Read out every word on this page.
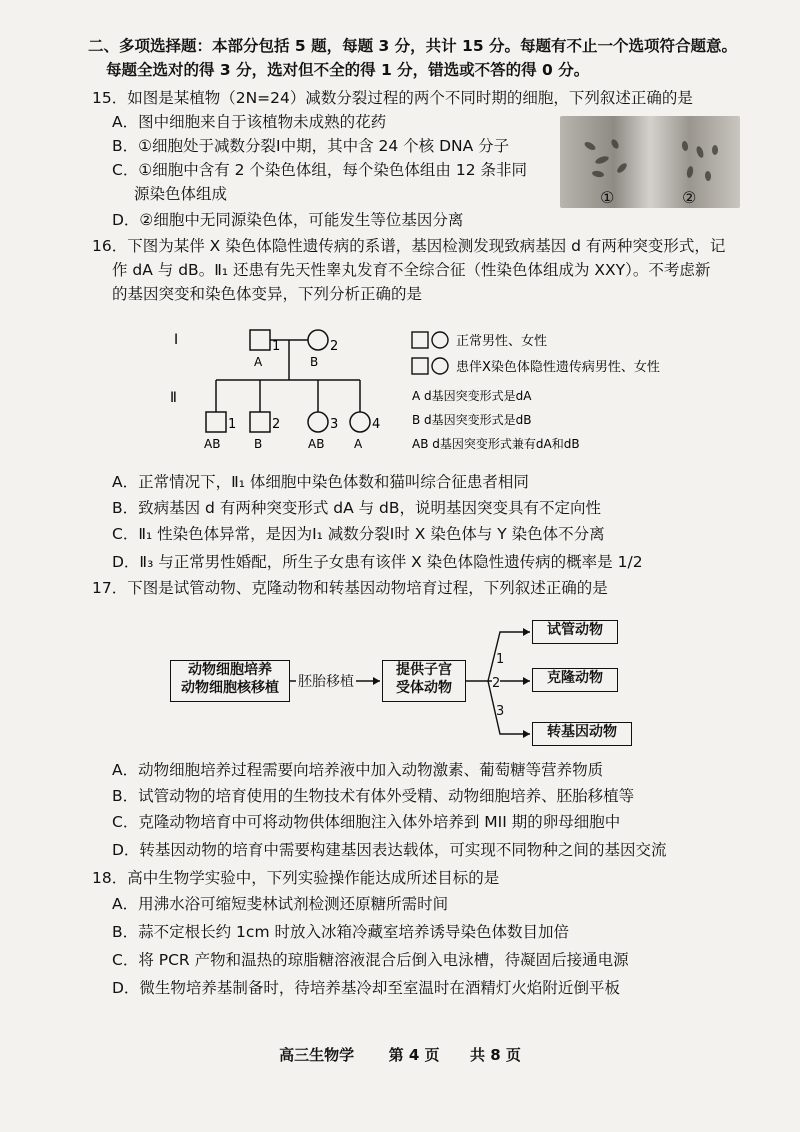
二、多项选择题：本部分包括 5 题，每题 3 分，共计 15 分。每题有不止一个选项符合题意。
每题全选对的得 3 分，选对但不全的得 1 分，错选或不答的得 0 分。
15．如图是某植物（2N=24）减数分裂过程的两个不同时期的细胞，下列叙述正确的是
A．图中细胞来自于该植物未成熟的花药
B．①细胞处于减数分裂Ⅰ中期，其中含 24 个核 DNA 分子
C．①细胞中含有 2 个染色体组，每个染色体组由 12 条非同
源染色体组成
D．②细胞中无同源染色体，可能发生等位基因分离
①	②
16．下图为某伴 X 染色体隐性遗传病的系谱，基因检测发现致病基因 d 有两种突变形式，记
作 dA 与 dB。Ⅱ₁ 还患有先天性睾丸发育不全综合征（性染色体组成为 XXY）。不考虑新
的基因突变和染色体变异，下列分析正确的是
Ⅰ
Ⅱ
1	2
A	B
1	2	3	4
AB	B	AB A
正常男性、女性
患伴X染色体隐性遗传病男性、女性
A d基因突变形式是dA
B d基因突变形式是dB
AB d基因突变形式兼有dA和dB
A．正常情况下，Ⅱ₁ 体细胞中染色体数和猫叫综合征患者相同
B．致病基因 d 有两种突变形式 dA 与 dB，说明基因突变具有不定向性
C．Ⅱ₁ 性染色体异常，是因为Ⅰ₁ 减数分裂Ⅰ时 X 染色体与 Y 染色体不分离
D．Ⅱ₃ 与正常男性婚配，所生子女患有该伴 X 染色体隐性遗传病的概率是 1/2
17．下图是试管动物、克隆动物和转基因动物培育过程，下列叙述正确的是
动物细胞培养
动物细胞核移植
提供子宫
受体动物
试管动物
克隆动物
转基因动物
胚胎移植
1
2
3
A．动物细胞培养过程需要向培养液中加入动物激素、葡萄糖等营养物质
B．试管动物的培育使用的生物技术有体外受精、动物细胞培养、胚胎移植等
C．克隆动物培育中可将动物供体细胞注入体外培养到 MII 期的卵母细胞中
D．转基因动物的培育中需要构建基因表达载体，可实现不同物种之间的基因交流
18．高中生物学实验中，下列实验操作能达成所述目标的是
A．用沸水浴可缩短斐林试剂检测还原糖所需时间
B．蒜不定根长约 1cm 时放入冰箱冷藏室培养诱导染色体数目加倍
C．将 PCR 产物和温热的琼脂糖溶液混合后倒入电泳槽，待凝固后接通电源
D．微生物培养基制备时，待培养基冷却至室温时在酒精灯火焰附近倒平板
高三生物学 第 4 页 共 8 页
